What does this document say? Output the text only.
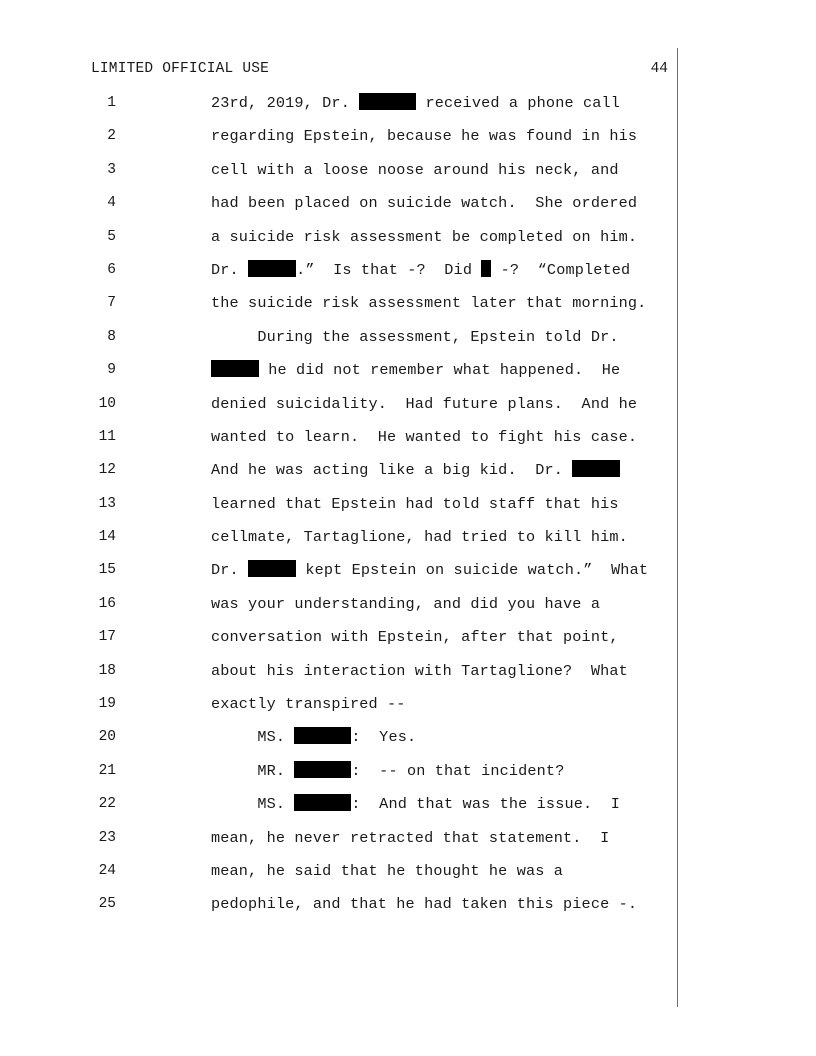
LIMITED OFFICIAL USE	44
1	23rd, 2019, Dr.	received a phone call
2	regarding Epstein, because he was found in his
3	cell with a loose noose around his neck, and
4	had been placed on suicide watch.  She ordered
5	a suicide risk assessment be completed on him.
6	Dr.	.”  Is that -?  Did  -?  “Completed
7	the suicide risk assessment later that morning.
8	During the assessment, Epstein told Dr.
9	he did not remember what happened.  He
10	denied suicidality.  Had future plans.  And he
11	wanted to learn.  He wanted to fight his case.
12	And he was acting like a big kid.  Dr.
13	learned that Epstein had told staff that his
14	cellmate, Tartaglione, had tried to kill him.
15	Dr.	kept Epstein on suicide watch.”  What
16	was your understanding, and did you have a
17	conversation with Epstein, after that point,
18	about his interaction with Tartaglione?  What
19	exactly transpired --
20	MS.	:  Yes.
21	MR.	:  -- on that incident?
22	MS.	:  And that was the issue.  I
23	mean, he never retracted that statement.  I
24	mean, he said that he thought he was a
25	pedophile, and that he had taken this piece -.
